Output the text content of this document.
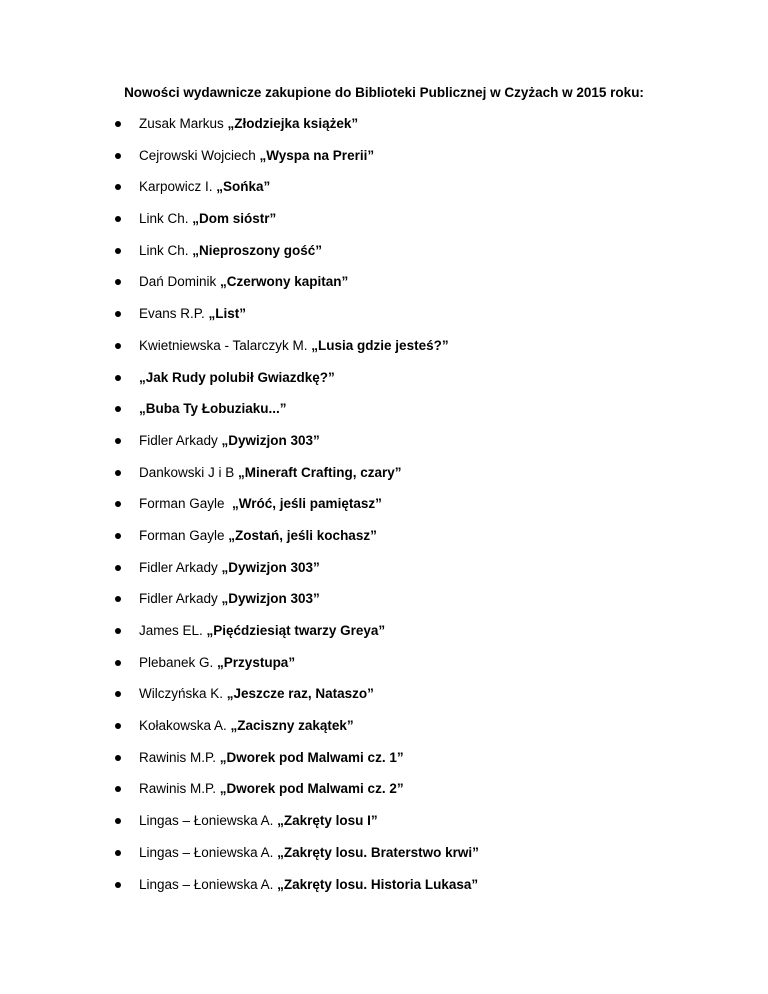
Nowości wydawnicze zakupione do Biblioteki Publicznej w Czyżach w 2015 roku:
Zusak Markus „Złodziejka książek”
Cejrowski Wojciech „Wyspa na Prerii”
Karpowicz I. „Sońka”
Link Ch. „Dom sióstr”
Link Ch. „Nieproszony gość”
Dań Dominik „Czerwony kapitan”
Evans R.P. „List”
Kwietniewska - Talarczyk M. „Lusia gdzie jesteś?”
„Jak Rudy polubił Gwiazdkę?”
„Buba Ty Łobuziaku...”
Fidler Arkady „Dywizjon 303”
Dankowski J i B „Mineraft Crafting, czary”
Forman Gayle  „Wróć, jeśli pamiętasz”
Forman Gayle „Zostań, jeśli kochasz”
Fidler Arkady „Dywizjon 303”
Fidler Arkady „Dywizjon 303”
James EL. „Pięćdziesiąt twarzy Greya”
Plebanek G. „Przystupa”
Wilczyńska K. „Jeszcze raz, Nataszo”
Kołakowska A. „Zaciszny zakątek”
Rawinis M.P. „Dworek pod Malwami cz. 1”
Rawinis M.P. „Dworek pod Malwami cz. 2”
Lingas – Łoniewska A. „Zakręty losu I”
Lingas – Łoniewska A. „Zakręty losu. Braterstwo krwi”
Lingas – Łoniewska A. „Zakręty losu. Historia Lukasa”
